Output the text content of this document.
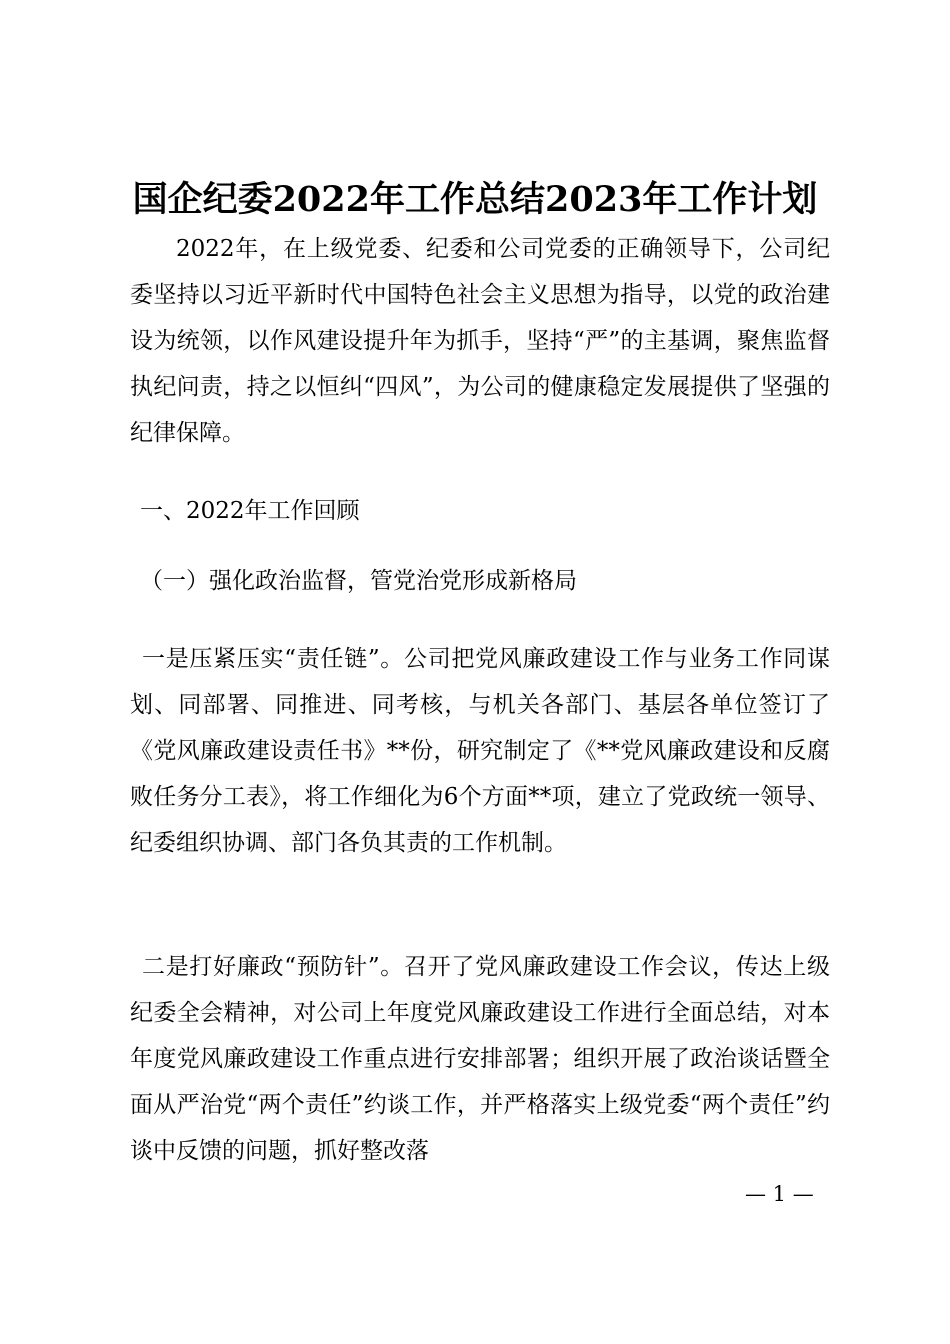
国企纪委2022年工作总结2023年工作计划
2022年，在上级党委、纪委和公司党委的正确领导下，公司纪委坚持以习近平新时代中国特色社会主义思想为指导，以党的政治建设为统领，以作风建设提升年为抓手，坚持“严”的主基调，聚焦监督执纪问责，持之以恒纠“四风”，为公司的健康稳定发展提供了坚强的纪律保障。
一、2022年工作回顾
（一）强化政治监督，管党治党形成新格局
一是压紧压实“责任链”。公司把党风廉政建设工作与业务工作同谋划、同部署、同推进、同考核，与机关各部门、基层各单位签订了《党风廉政建设责任书》**份，研究制定了《**党风廉政建设和反腐败任务分工表》，将工作细化为6个方面**项，建立了党政统一领导、纪委组织协调、部门各负其责的工作机制。
二是打好廉政“预防针”。召开了党风廉政建设工作会议，传达上级纪委全会精神，对公司上年度党风廉政建设工作进行全面总结，对本年度党风廉政建设工作重点进行安排部署；组织开展了政治谈话暨全面从严治党“两个责任”约谈工作，并严格落实上级党委“两个责任”约谈中反馈的问题，抓好整改落
— 1 —
